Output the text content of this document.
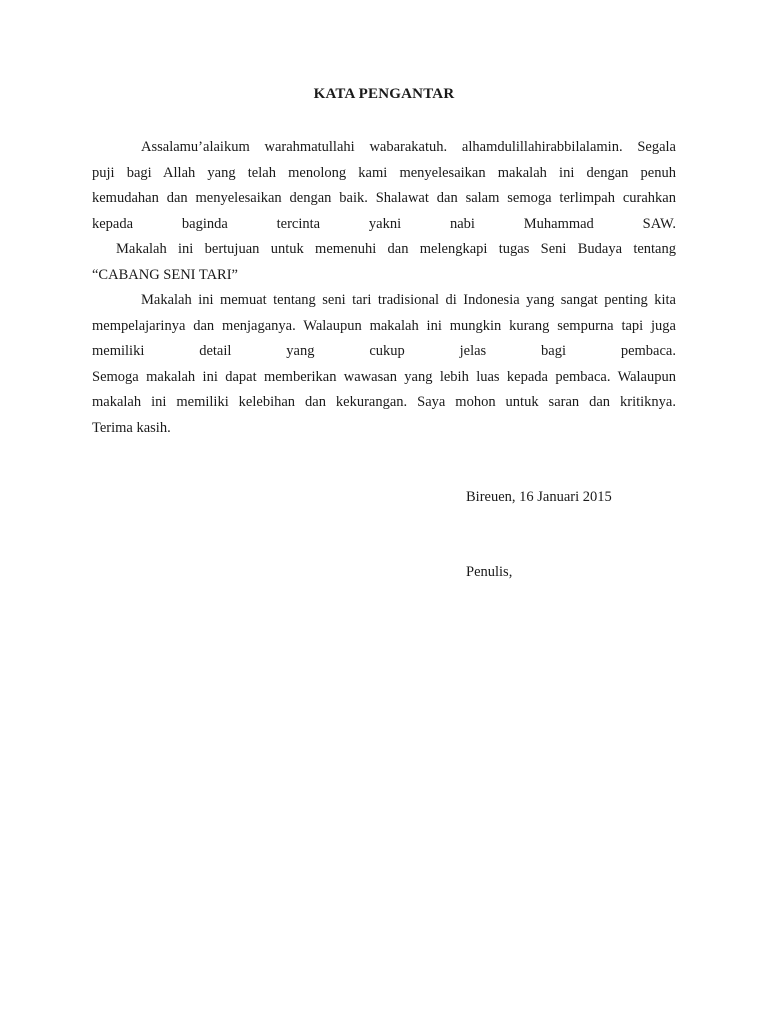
KATA PENGANTAR
Assalamu’alaikum warahmatullahi wabarakatuh. alhamdulillahirabbilalamin. Segala
puji bagi Allah yang telah menolong kami menyelesaikan makalah ini dengan penuh
kemudahan dan menyelesaikan dengan baik. Shalawat dan salam semoga terlimpah curahkan
kepada baginda tercinta yakni nabi Muhammad SAW.
Makalah ini bertujuan untuk memenuhi dan melengkapi tugas Seni Budaya tentang
“CABANG SENI TARI”
Makalah ini memuat tentang seni tari tradisional di Indonesia yang sangat penting kita
mempelajarinya dan menjaganya. Walaupun makalah ini mungkin kurang sempurna tapi juga
memiliki detail yang cukup jelas bagi pembaca.
Semoga makalah ini dapat memberikan wawasan yang lebih luas kepada pembaca. Walaupun
makalah ini memiliki kelebihan dan kekurangan. Saya mohon untuk saran dan kritiknya.
Terima kasih.
Bireuen, 16 Januari 2015
Penulis,
